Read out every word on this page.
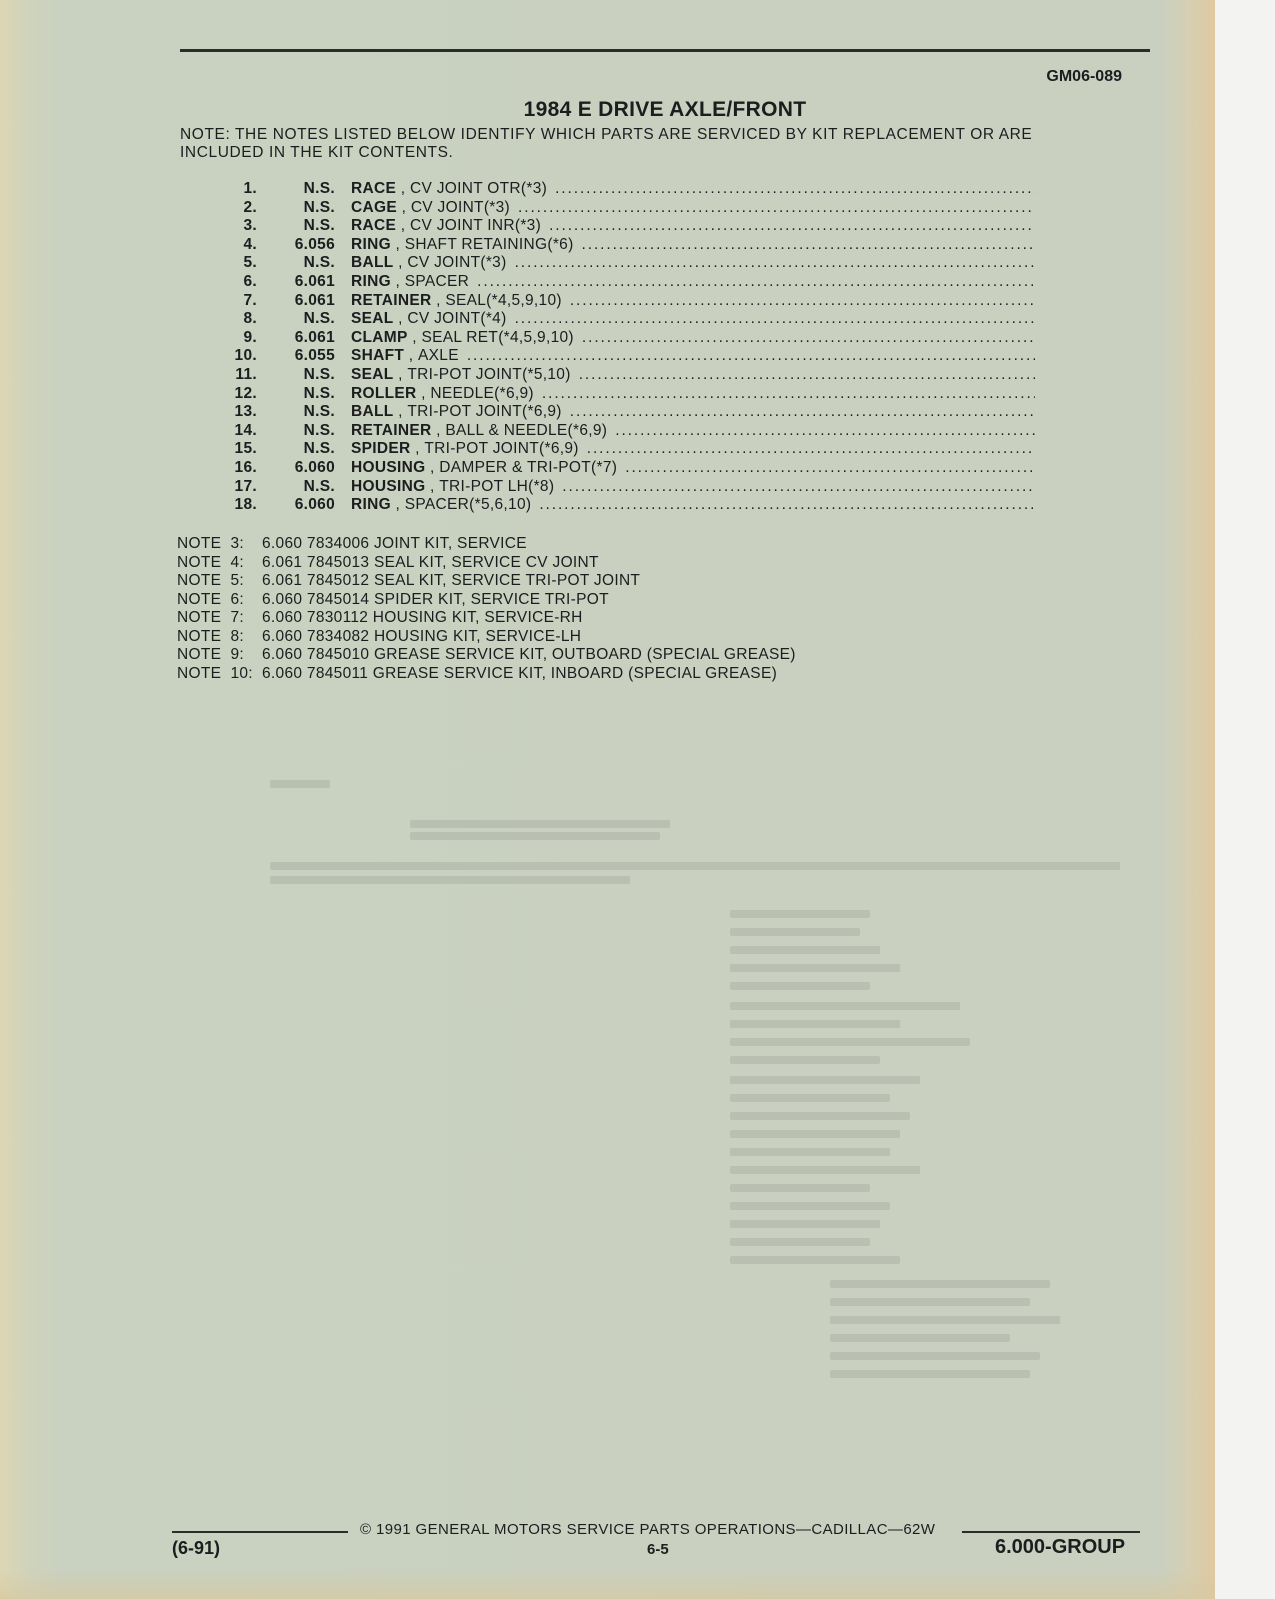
GM06-089
1984 E DRIVE AXLE/FRONT
NOTE: THE NOTES LISTED BELOW IDENTIFY WHICH PARTS ARE SERVICED BY KIT REPLACEMENT OR ARE INCLUDED IN THE KIT CONTENTS.
1.	N.S. RACE , CV JOINT OTR(*3)
. . .
2.	N.S. CAGE , CV JOINT(*3)
. . .
3.	N.S. RACE , CV JOINT INR(*3)
. . .
4.	6.056 RING , SHAFT RETAINING(*6)
. . .
5.	N.S. BALL , CV JOINT(*3)
. . .
6.	6.061 RING , SPACER
. . .
7.	6.061 RETAINER , SEAL(*4,5,9,10)
. . .
8.	N.S. SEAL , CV JOINT(*4)
. . .
9.	6.061 CLAMP , SEAL RET(*4,5,9,10)
. . .
10.	6.055 SHAFT , AXLE
. . .
11.	N.S. SEAL , TRI-POT JOINT(*5,10)
. . .
12.	N.S. ROLLER , NEEDLE(*6,9)
. . .
13.	N.S. BALL , TRI-POT JOINT(*6,9)
. . .
14.	N.S. RETAINER , BALL & NEEDLE(*6,9)
. . .
15.	N.S. SPIDER , TRI-POT JOINT(*6,9)
. . .
16.	6.060 HOUSING , DAMPER & TRI-POT(*7)
. . .
17.	N.S. HOUSING , TRI-POT LH(*8)
. . .
18.	6.060 RING , SPACER(*5,6,10)
. . .
NOTE  3:	6.060 7834006 JOINT KIT, SERVICE
NOTE  4:	6.061 7845013 SEAL KIT, SERVICE CV JOINT
NOTE  5:	6.061 7845012 SEAL KIT, SERVICE TRI-POT JOINT
NOTE  6:	6.060 7845014 SPIDER KIT, SERVICE TRI-POT
NOTE  7:	6.060 7830112 HOUSING KIT, SERVICE-RH
NOTE  8:	6.060 7834082 HOUSING KIT, SERVICE-LH
NOTE  9:	6.060 7845010 GREASE SERVICE KIT, OUTBOARD (SPECIAL GREASE)
NOTE  10: 6.060 7845011 GREASE SERVICE KIT, INBOARD (SPECIAL GREASE)
© 1991 GENERAL MOTORS SERVICE PARTS OPERATIONS—CADILLAC—62W
(6-91)	6-5	6.000-GROUP
